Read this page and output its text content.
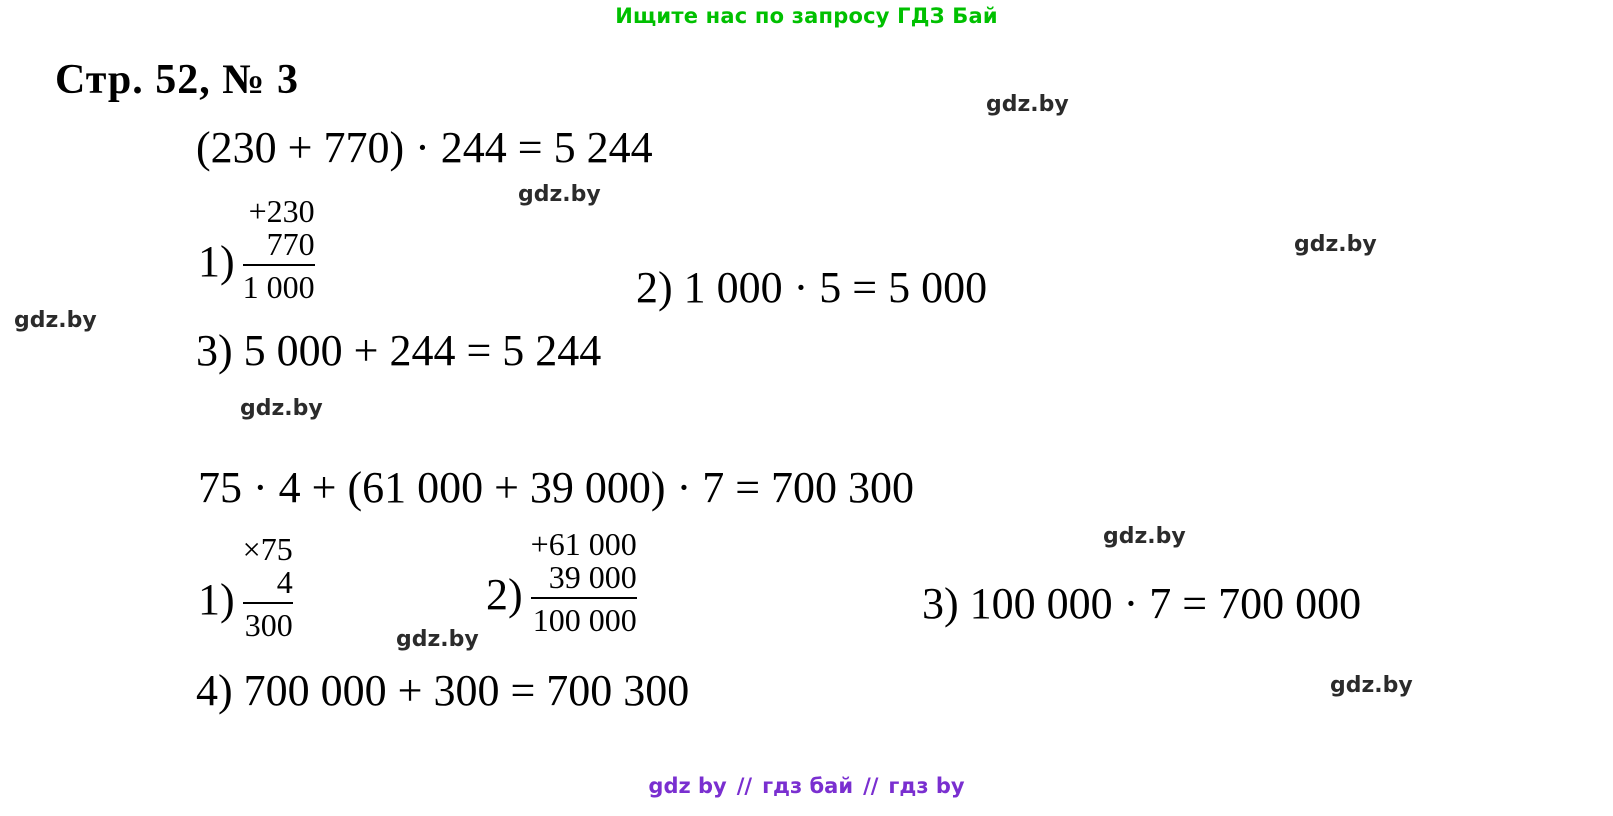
Ищите нас по запросу ГДЗ Бай
Стр. 52, № 3
(230 + 770) · 244 = 5 244
1)
+230
770
1 000	2) 1 000 · 5 = 5 000
3) 5 000 + 244 = 5 244
75 · 4 + (61 000 + 39 000) · 7 = 700 300
1)
×75
4
300
2)
+61 000
39 000
100 000	3) 100 000 · 7 = 700 000
4) 700 000 + 300 = 700 300
gdz.by
gdz.by
gdz.by
gdz.by
gdz.by
gdz.by
gdz.by
gdz.by
gdz by // гдз бай // гдз by
